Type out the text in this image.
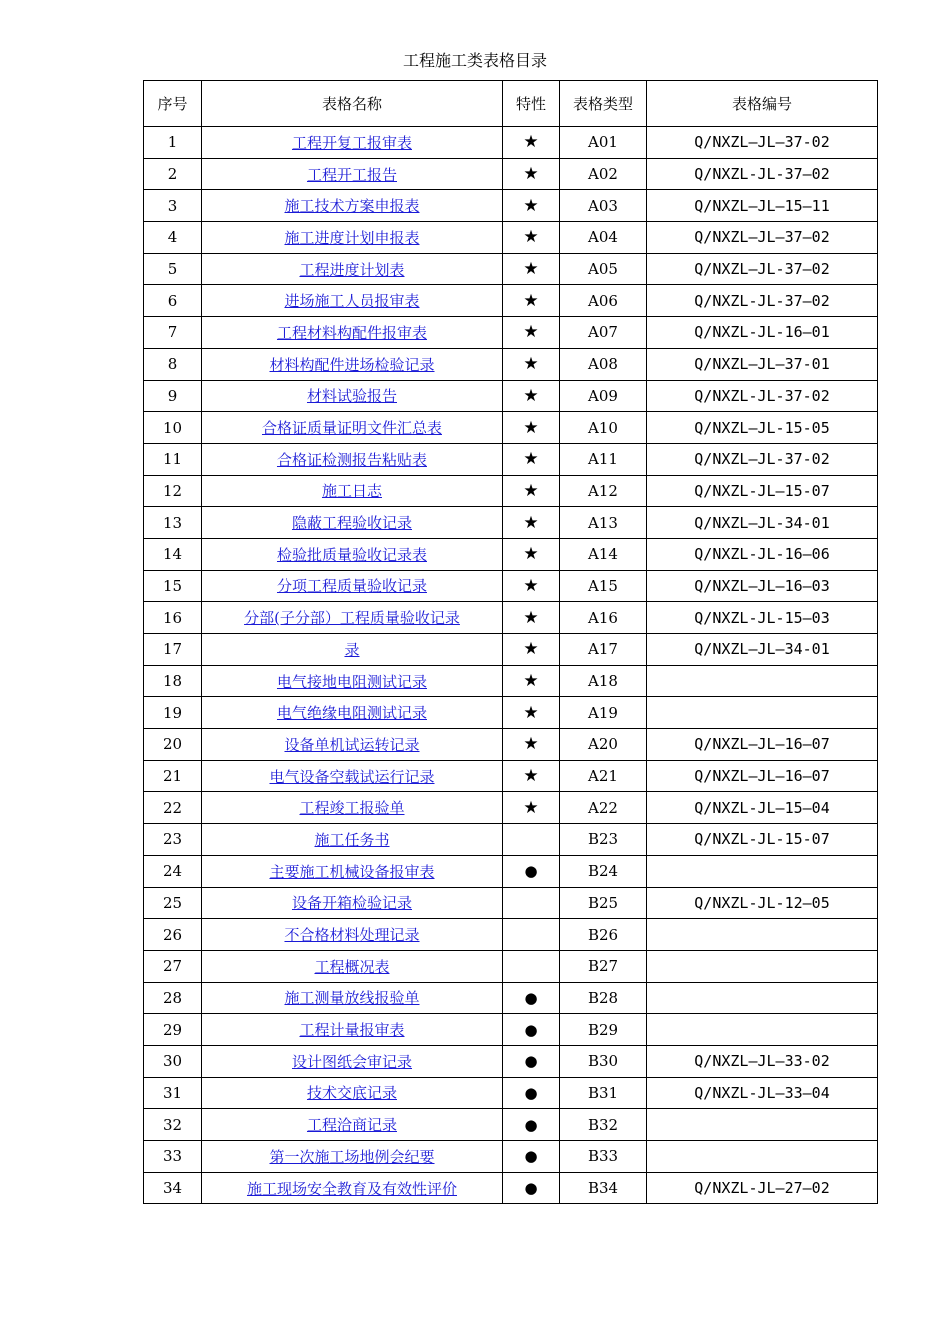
工程施工类表格目录
序号	表格名称	特性	表格类型	表格编号
1	工程开复工报审表	★	A01	Q/NXZL—JL—37-02
2	工程开工报告	★	A02	Q/NXZL-JL-37—02
3	施工技术方案申报表	★	A03	Q/NXZL—JL—15—11
4	施工进度计划申报表	★	A04	Q/NXZL—JL—37—02
5	工程进度计划表	★	A05	Q/NXZL—JL-37—02
6	进场施工人员报审表	★	A06	Q/NXZL-JL-37—02
7	工程材料构配件报审表	★	A07	Q/NXZL-JL-16—01
8	材料构配件进场检验记录	★	A08	Q/NXZL—JL—37-01
9	材料试验报告	★	A09	Q/NXZL-JL-37-02
10	合格证质量证明文件汇总表	★	A10	Q/NXZL—JL-15-05
11	合格证检测报告粘贴表	★	A11	Q/NXZL—JL-37-02
12	施工日志	★	A12	Q/NXZL-JL—15-07
13	隐蔽工程验收记录	★	A13	Q/NXZL—JL-34-01
14	检验批质量验收记录表	★	A14	Q/NXZL-JL-16—06
15	分项工程质量验收记录	★	A15	Q/NXZL—JL—16—03
16	分部(子分部）工程质量验收记录	★	A16	Q/NXZL-JL-15—03
17	录	★	A17	Q/NXZL—JL—34-01
18	电气接地电阻测试记录	★	A18	
19	电气绝缘电阻测试记录	★	A19	
20	设备单机试运转记录	★	A20	Q/NXZL—JL—16—07
21	电气设备空载试运行记录	★	A21	Q/NXZL—JL—16—07
22	工程竣工报验单	★	A22	Q/NXZL-JL—15—04
23	施工任务书		B23	Q/NXZL-JL-15-07
24	主要施工机械设备报审表	●	B24	
25	设备开箱检验记录		B25	Q/NXZL-JL-12—05
26	不合格材料处理记录		B26	
27	工程概况表		B27	
28	施工测量放线报验单	●	B28	
29	工程计量报审表	●	B29	
30	设计图纸会审记录	●	B30	Q/NXZL—JL—33-02
31	技术交底记录	●	B31	Q/NXZL-JL—33—04
32	工程洽商记录	●	B32	
33	第一次施工场地例会纪要	●	B33	
34	施工现场安全教育及有效性评价	●	B34	Q/NXZL-JL—27—02
